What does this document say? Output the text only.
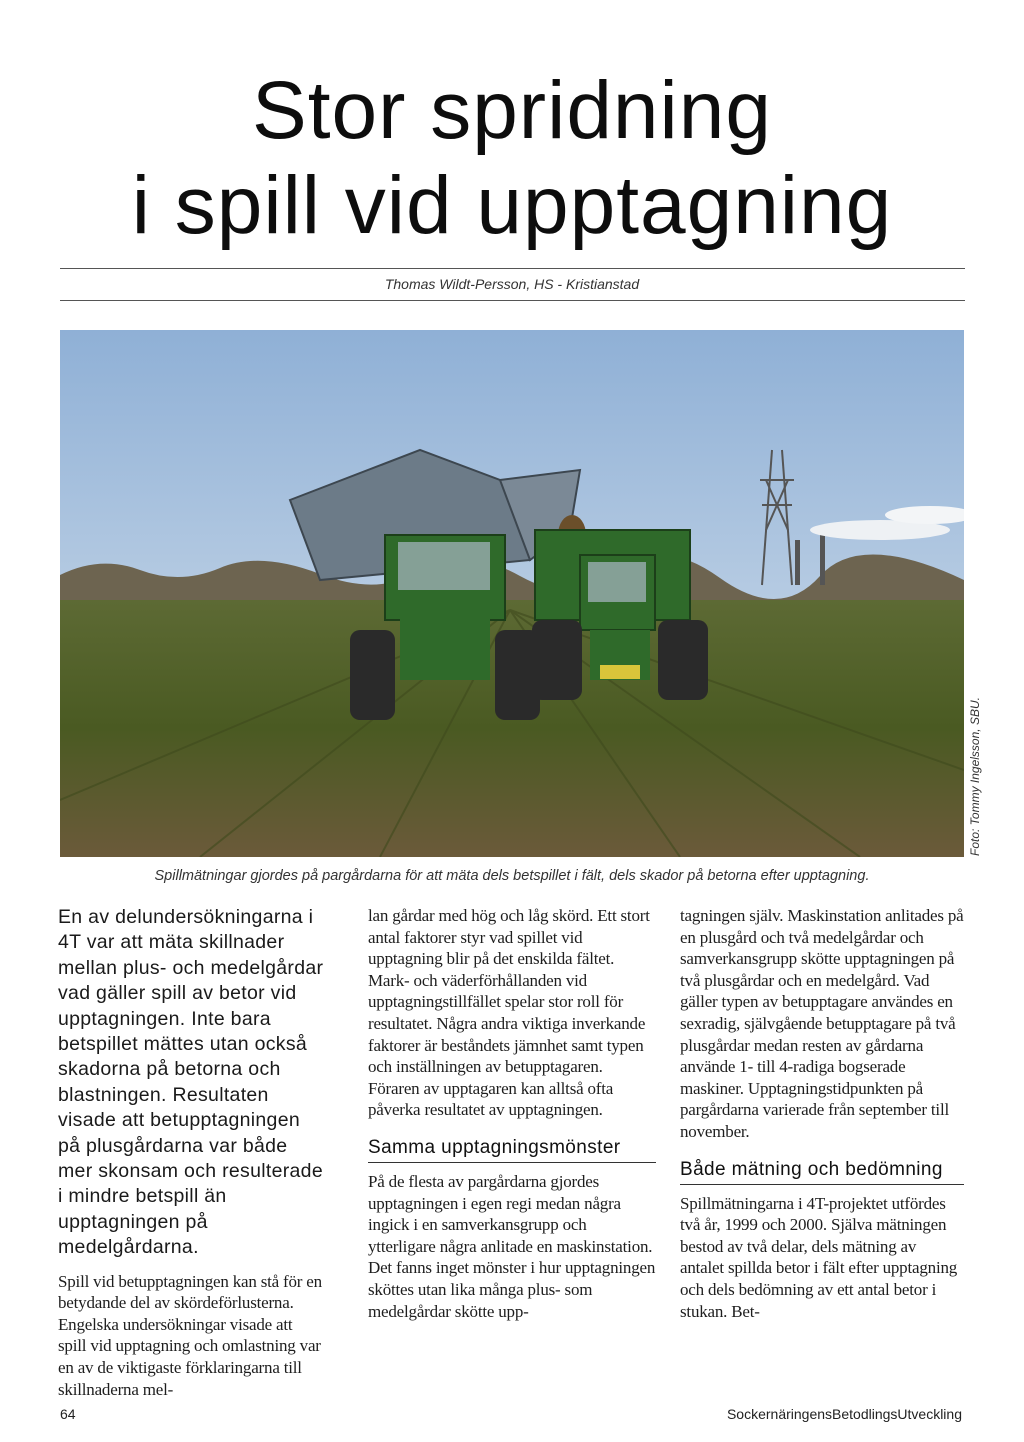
Stor spridning
i spill vid upptagning
Thomas Wildt-Persson, HS - Kristianstad
Foto: Tommy Ingelsson, SBU.
Spillmätningar gjordes på pargårdarna för att mäta dels betspillet i fält, dels skador på betorna efter upptagning.

En av delundersökningarna i 4T var att mäta skillnader mellan plus- och medelgårdar vad gäller spill av betor vid upptagningen. Inte bara betspillet mättes utan också skadorna på betorna och blastningen. Resultaten visade att betupptagningen på plusgårdarna var både mer skonsam och resulterade i mindre betspill än upptagningen på medelgårdarna.

Spill vid betupptagningen kan stå för en betydande del av skördeförlusterna. Engelska undersökningar visade att spill vid upptagning och omlastning var en av de viktigaste förklaringarna till skillnaderna mel-

lan gårdar med hög och låg skörd. Ett stort antal faktorer styr vad spillet vid upptagning blir på det enskilda fältet. Mark- och väderförhållanden vid upptagningstillfället spelar stor roll för resultatet. Några andra viktiga inverkande faktorer är beståndets jämnhet samt typen och inställningen av betupptagaren. Föraren av upptagaren kan alltså ofta påverka resultatet av upptagningen.

Samma upptagningsmönster

På de flesta av pargårdarna gjordes upptagningen i egen regi medan några ingick i en samverkansgrupp och ytterligare några anlitade en maskinstation. Det fanns inget mönster i hur upptagningen sköttes utan lika många plus- som medelgårdar skötte upp-

tagningen själv. Maskinstation anlitades på en plusgård och två medelgårdar och samverkansgrupp skötte upptagningen på två plusgårdar och en medelgård. Vad gäller typen av betupptagare användes en sexradig, självgående betupptagare på två plusgårdar medan resten av gårdarna använde 1- till 4-radiga bogserade maskiner. Upptagningstidpunkten på pargårdarna varierade från september till november.

Både mätning och bedömning

Spillmätningarna i 4T-projektet utfördes två år, 1999 och 2000. Själva mätningen bestod av två delar, dels mätning av antalet spillda betor i fält efter upptagning och dels bedömning av ett antal betor i stukan. Bet-

64	SockernäringensBetodlingsUtveckling
